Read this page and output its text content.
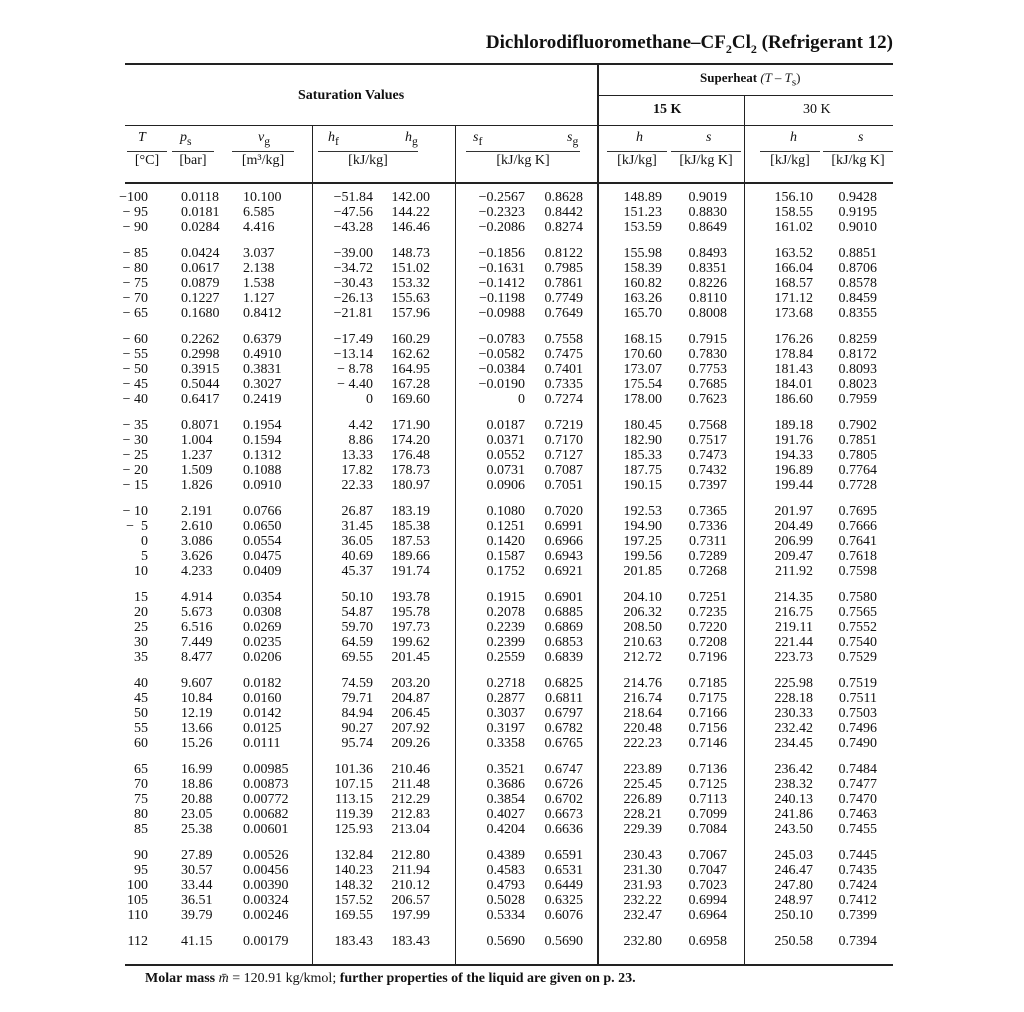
Dichlorodifluoromethane–$CF_2Cl_2$ (Refrigerant 12)
Saturation Values
Superheat $(T - T_s)$
15 K	30 K
T $p_s$	$v_g$	$h_f$	$h_g$	$s_f$	$s_g$	h	s	h	s
[°C]	[bar]	[m³/kg]	[kJ/kg]	[kJ/kg K]	[kJ/kg]	[kJ/kg K]	[kJ/kg]	[kJ/kg K]
−100 0.0118 10.100	−51.84 142.00	−0.2567 0.8628	148.89 0.9019	156.10 0.9428
− 95 0.0181 6.585	−47.56 144.22	−0.2323 0.8442	151.23 0.8830	158.55 0.9195
− 90 0.0284 4.416	−43.28 146.46	−0.2086 0.8274	153.59 0.8649	161.02 0.9010
− 85 0.0424 3.037	−39.00 148.73	−0.1856 0.8122	155.98 0.8493	163.52 0.8851
− 80 0.0617 2.138	−34.72 151.02	−0.1631 0.7985	158.39 0.8351	166.04 0.8706
− 75 0.0879 1.538	−30.43 153.32	−0.1412 0.7861	160.82 0.8226	168.57 0.8578
− 70 0.1227 1.127	−26.13 155.63	−0.1198 0.7749	163.26 0.8110	171.12 0.8459
− 65 0.1680 0.8412	−21.81 157.96	−0.0988 0.7649	165.70 0.8008	173.68 0.8355
− 60 0.2262 0.6379	−17.49 160.29	−0.0783 0.7558	168.15 0.7915	176.26 0.8259
− 55 0.2998 0.4910	−13.14 162.62	−0.0582 0.7475	170.60 0.7830	178.84 0.8172
− 50 0.3915 0.3831	− 8.78 164.95	−0.0384 0.7401	173.07 0.7753	181.43 0.8093
− 45 0.5044 0.3027	− 4.40 167.28	−0.0190 0.7335	175.54 0.7685	184.01 0.8023
− 40 0.6417 0.2419	0 169.60	0 0.7274	178.00 0.7623	186.60 0.7959
− 35 0.8071 0.1954	4.42 171.90	0.0187 0.7219	180.45 0.7568	189.18 0.7902
− 30 1.004 0.1594	8.86 174.20	0.0371 0.7170	182.90 0.7517	191.76 0.7851
− 25 1.237 0.1312	13.33 176.48	0.0552 0.7127	185.33 0.7473	194.33 0.7805
− 20 1.509 0.1088	17.82 178.73	0.0731 0.7087	187.75 0.7432	196.89 0.7764
− 15 1.826 0.0910	22.33 180.97	0.0906 0.7051	190.15 0.7397	199.44 0.7728
− 10 2.191 0.0766	26.87 183.19	0.1080 0.7020	192.53 0.7365	201.97 0.7695
−  5 2.610 0.0650	31.45 185.38	0.1251 0.6991	194.90 0.7336	204.49 0.7666
0 3.086 0.0554	36.05 187.53	0.1420 0.6966	197.25 0.7311	206.99 0.7641
5 3.626 0.0475	40.69 189.66	0.1587 0.6943	199.56 0.7289	209.47 0.7618
10 4.233 0.0409	45.37 191.74	0.1752 0.6921	201.85 0.7268	211.92 0.7598
15 4.914 0.0354	50.10 193.78	0.1915 0.6901	204.10 0.7251	214.35 0.7580
20 5.673 0.0308	54.87 195.78	0.2078 0.6885	206.32 0.7235	216.75 0.7565
25 6.516 0.0269	59.70 197.73	0.2239 0.6869	208.50 0.7220	219.11 0.7552
30 7.449 0.0235	64.59 199.62	0.2399 0.6853	210.63 0.7208	221.44 0.7540
35 8.477 0.0206	69.55 201.45	0.2559 0.6839	212.72 0.7196	223.73 0.7529
40 9.607 0.0182	74.59 203.20	0.2718 0.6825	214.76 0.7185	225.98 0.7519
45 10.84 0.0160	79.71 204.87	0.2877 0.6811	216.74 0.7175	228.18 0.7511
50 12.19 0.0142	84.94 206.45	0.3037 0.6797	218.64 0.7166	230.33 0.7503
55 13.66 0.0125	90.27 207.92	0.3197 0.6782	220.48 0.7156	232.42 0.7496
60 15.26 0.0111	95.74 209.26	0.3358 0.6765	222.23 0.7146	234.45 0.7490
65 16.99 0.00985	101.36 210.46	0.3521 0.6747	223.89 0.7136	236.42 0.7484
70 18.86 0.00873	107.15 211.48	0.3686 0.6726	225.45 0.7125	238.32 0.7477
75 20.88 0.00772	113.15 212.29	0.3854 0.6702	226.89 0.7113	240.13 0.7470
80 23.05 0.00682	119.39 212.83	0.4027 0.6673	228.21 0.7099	241.86 0.7463
85 25.38 0.00601	125.93 213.04	0.4204 0.6636	229.39 0.7084	243.50 0.7455
90 27.89 0.00526	132.84 212.80	0.4389 0.6591	230.43 0.7067	245.03 0.7445
95 30.57 0.00456	140.23 211.94	0.4583 0.6531	231.30 0.7047	246.47 0.7435
100 33.44 0.00390	148.32 210.12	0.4793 0.6449	231.93 0.7023	247.80 0.7424
105 36.51 0.00324	157.52 206.57	0.5028 0.6325	232.22 0.6994	248.97 0.7412
110 39.79 0.00246	169.55 197.99	0.5334 0.6076	232.47 0.6964	250.10 0.7399
112 41.15 0.00179	183.43 183.43	0.5690 0.5690	232.80 0.6958	250.58 0.7394
Molar mass m̄ = 120.91 kg/kmol; further properties of the liquid are given on p. 23.
